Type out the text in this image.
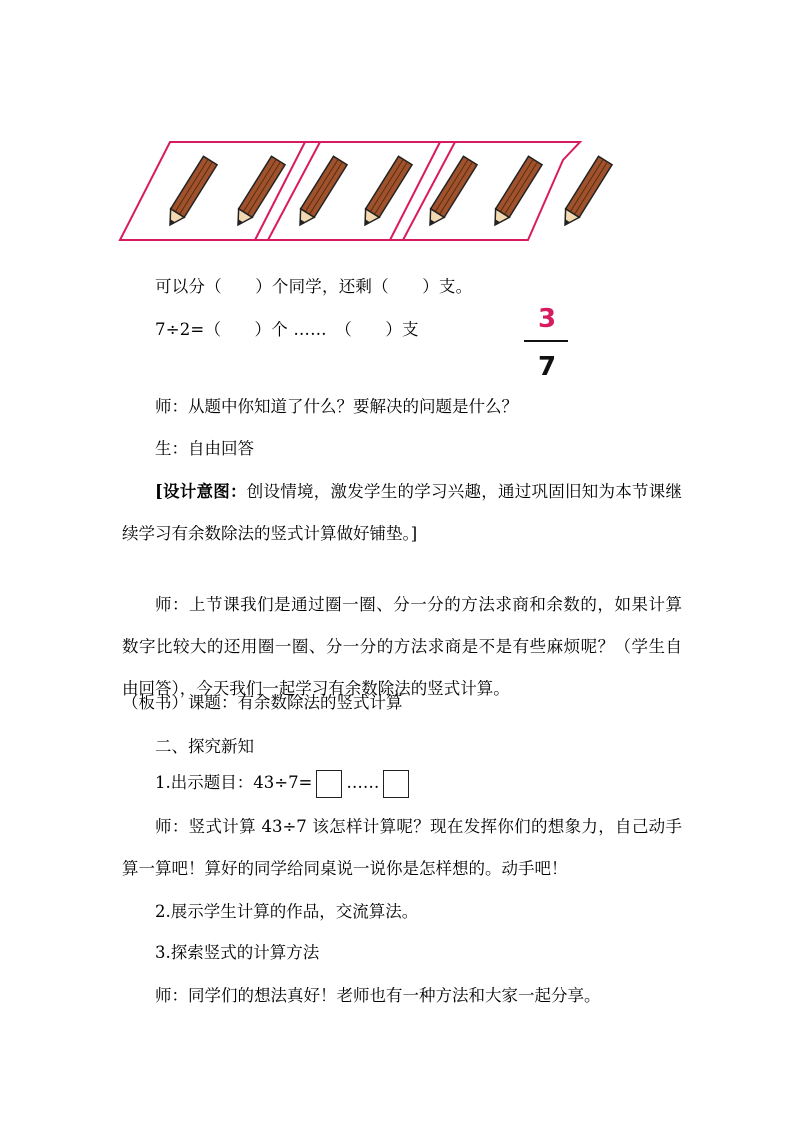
可以分（　　）个同学，还剩（　　）支。
7÷2=（　　）个 ……　（　　）支	3
7
师：从题中你知道了什么？要解决的问题是什么？
生：自由回答
[设计意图：创设情境，激发学生的学习兴趣，通过巩固旧知为本节课继续学习有余数除法的竖式计算做好铺垫。]
师：上节课我们是通过圈一圈、分一分的方法求商和余数的，如果计算数字比较大的还用圈一圈、分一分的方法求商是不是有些麻烦呢？（学生自由回答），今天我们一起学习有余数除法的竖式计算。
（板书）课题：有余数除法的竖式计算
二、探究新知
1.出示题目：43÷7= ……
师：竖式计算 43÷7 该怎样计算呢？现在发挥你们的想象力，自己动手算一算吧！算好的同学给同桌说一说你是怎样想的。动手吧！
2.展示学生计算的作品，交流算法。
3.探索竖式的计算方法
师：同学们的想法真好！老师也有一种方法和大家一起分享。
